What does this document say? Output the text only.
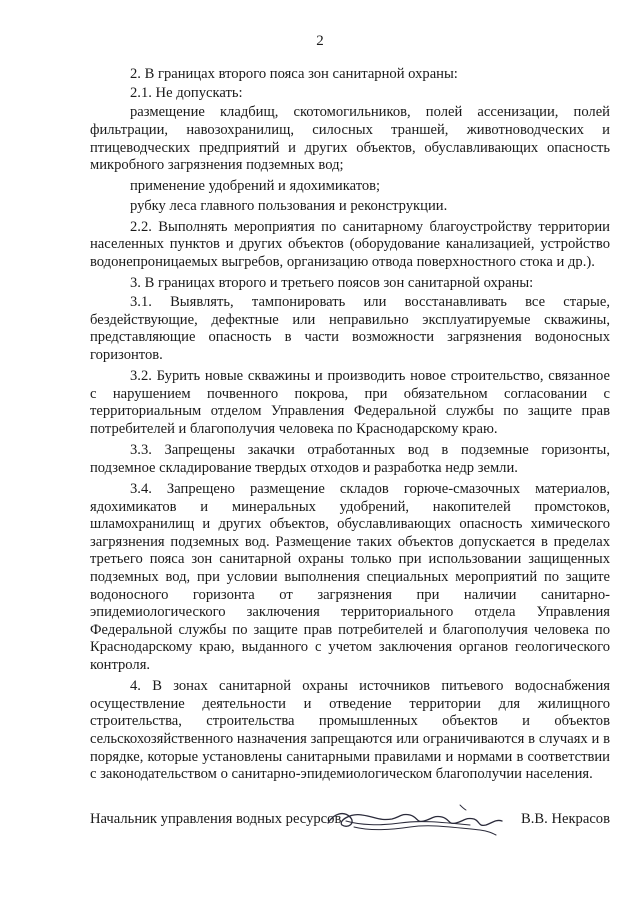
2

2. В границах второго пояса зон санитарной охраны:

2.1. Не допускать:

размещение кладбищ, скотомогильников, полей ассенизации, полей фильтрации, навозохранилищ, силосных траншей, животноводческих и птицеводческих предприятий и других объектов, обуславливающих опасность микробного загрязнения подземных вод;

применение удобрений и ядохимикатов;

рубку леса главного пользования и реконструкции.

2.2. Выполнять мероприятия по санитарному благоустройству территории населенных пунктов и других объектов (оборудование канализацией, устройство водонепроницаемых выгребов, организацию отвода поверхностного стока и др.).

3. В границах второго и третьего поясов зон санитарной охраны:

3.1. Выявлять, тампонировать или восстанавливать все старые, бездействующие, дефектные или неправильно эксплуатируемые скважины, представляющие опасность в части возможности загрязнения водоносных горизонтов.

3.2. Бурить новые скважины и производить новое строительство, связанное с нарушением почвенного покрова, при обязательном согласовании с территориальным отделом Управления Федеральной службы по защите прав потребителей и благополучия человека по Краснодарскому краю.

3.3. Запрещены закачки отработанных вод в подземные горизонты, подземное складирование твердых отходов и разработка недр земли.

3.4. Запрещено размещение складов горюче-смазочных материалов, ядохимикатов и минеральных удобрений, накопителей промстоков, шламохранилищ и других объектов, обуславливающих опасность химического загрязнения подземных вод. Размещение таких объектов допускается в пределах третьего пояса зон санитарной охраны только при использовании защищенных подземных вод, при условии выполнения специальных мероприятий по защите водоносного горизонта от загрязнения при наличии санитарно-эпидемиологического заключения территориального отдела Управления Федеральной службы по защите прав потребителей и благополучия человека по Краснодарскому краю, выданного с учетом заключения органов геологического контроля.

4. В зонах санитарной охраны источников питьевого водоснабжения осуществление деятельности и отведение территории для жилищного строительства, строительства промышленных объектов и объектов сельскохозяйственного назначения запрещаются или ограничиваются в случаях и в порядке, которые установлены санитарными правилами и нормами в соответствии с законодательством о санитарно-эпидемиологическом благополучии населения.

Начальник управления водных ресурсов	В.В. Некрасов
